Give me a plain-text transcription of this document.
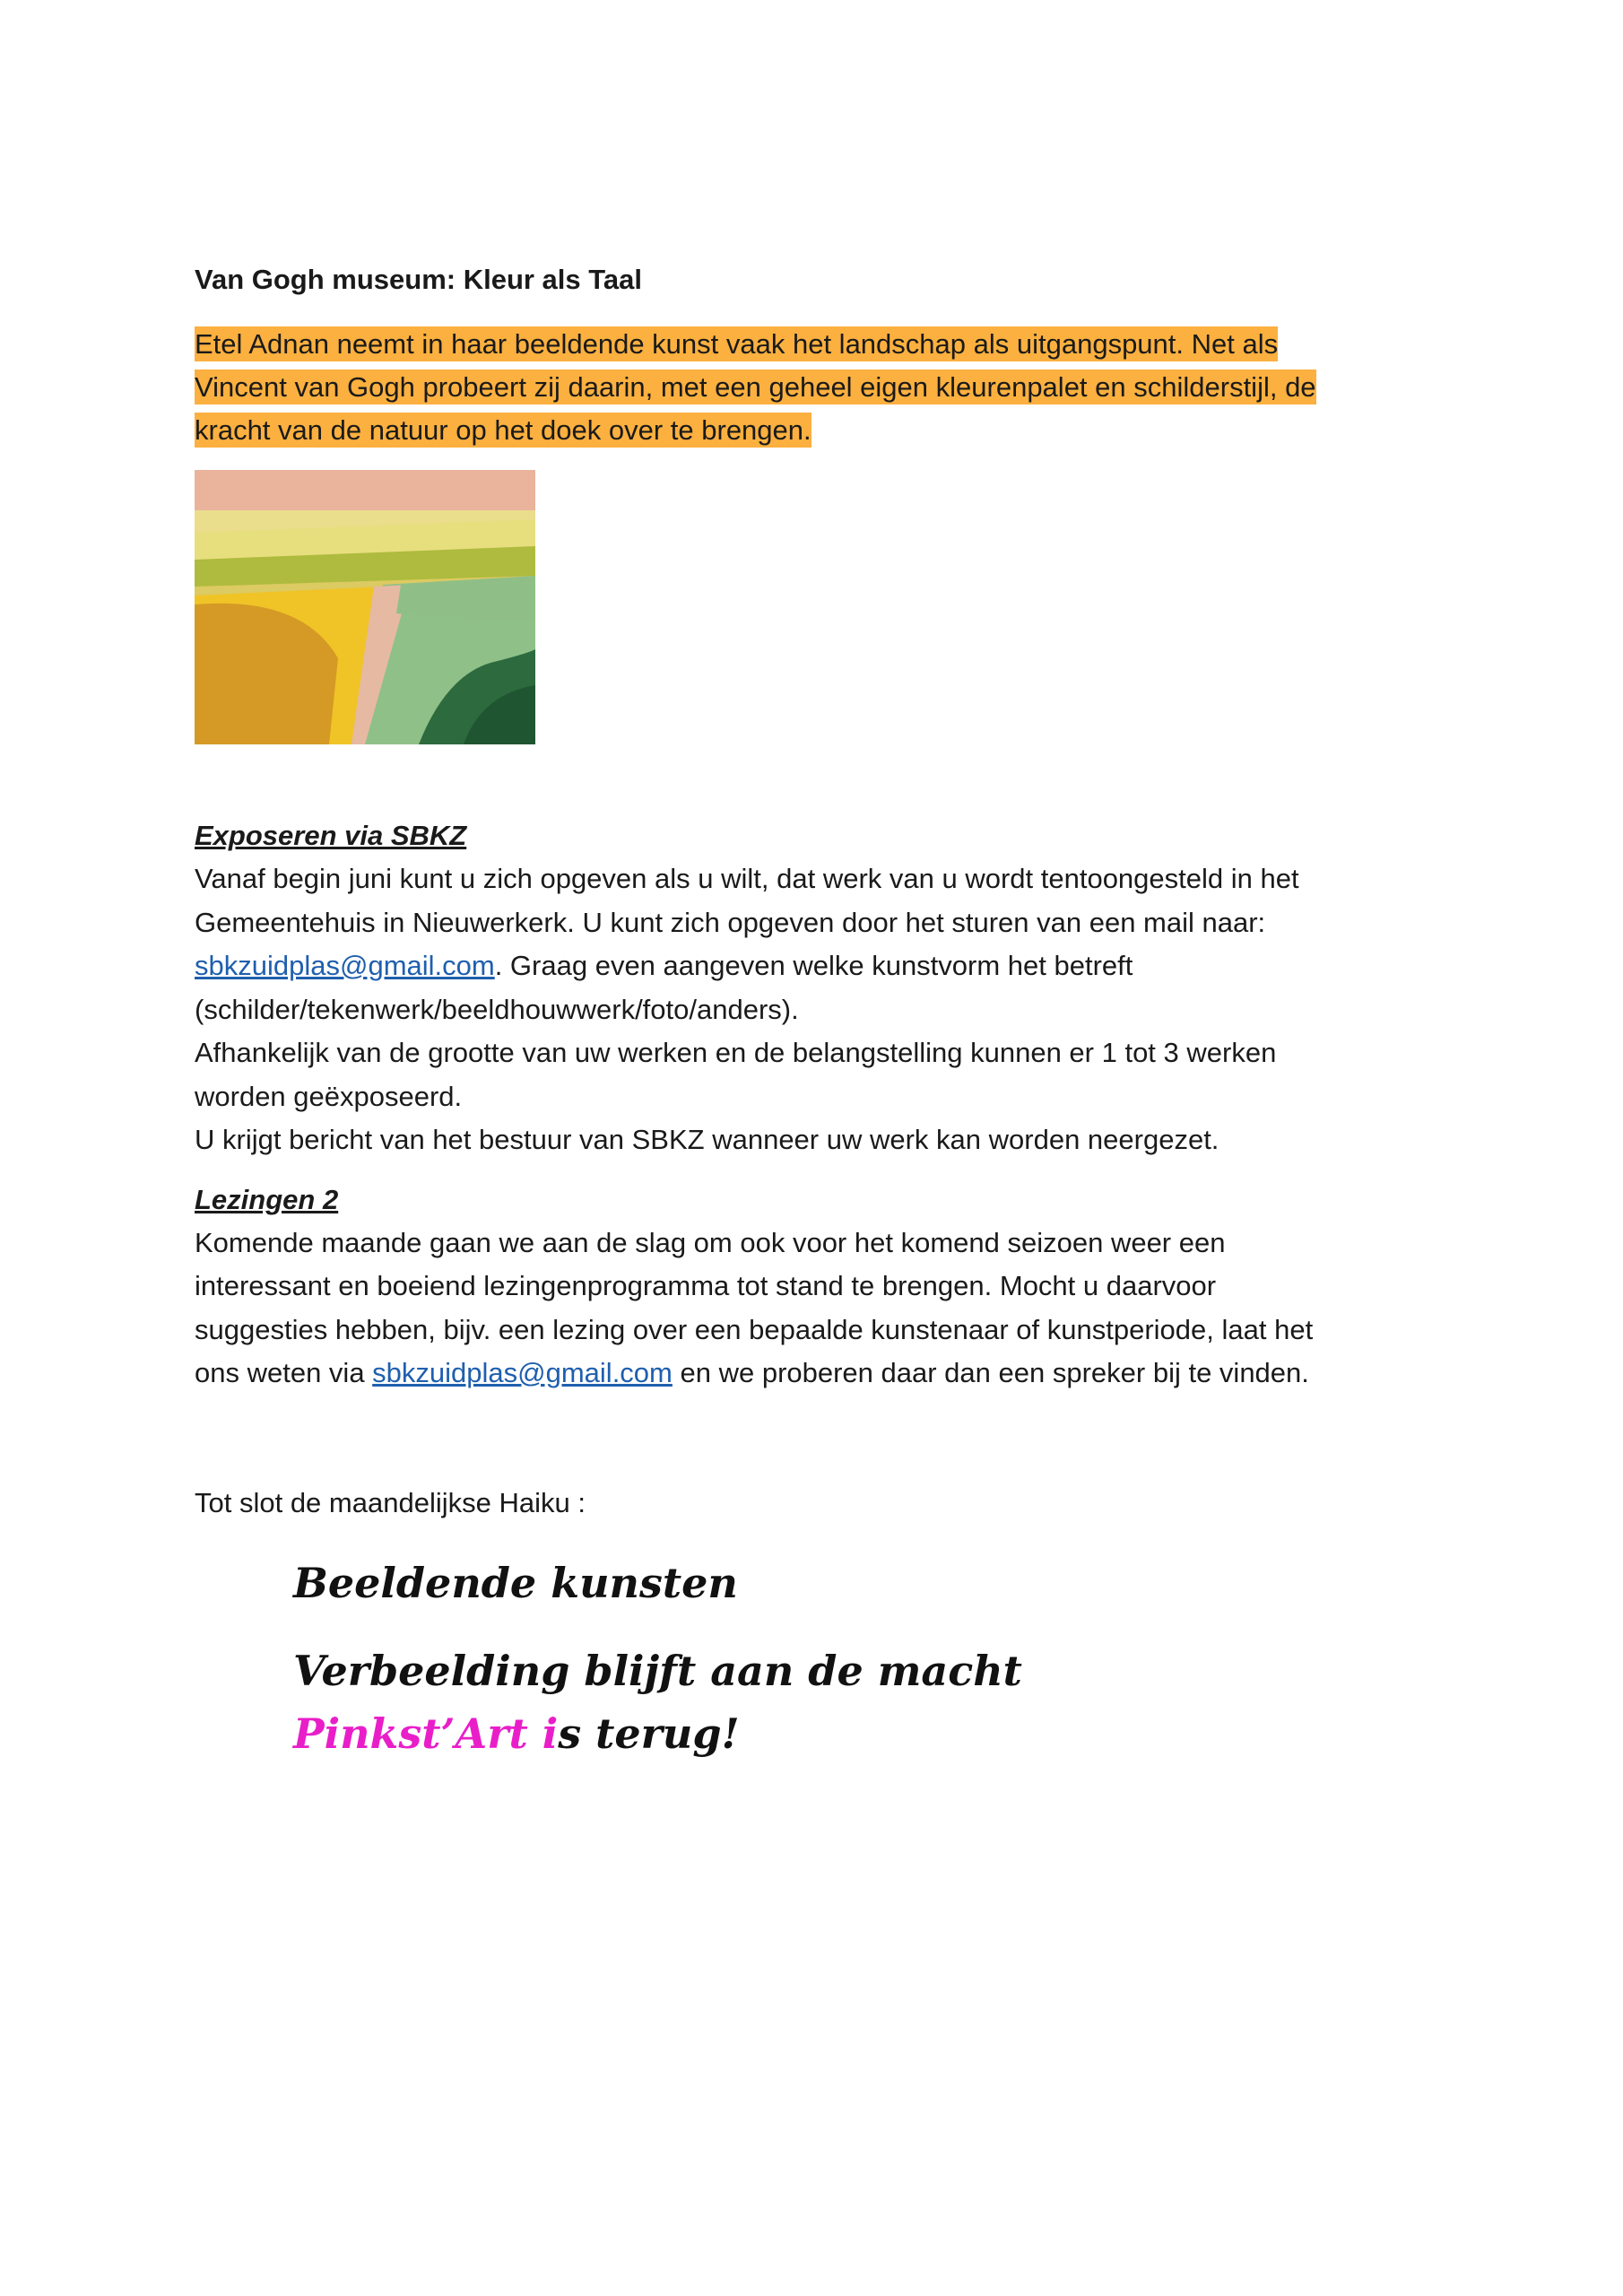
Van Gogh museum: Kleur als Taal

Etel Adnan neemt in haar beeldende kunst vaak het landschap als uitgangspunt. Net als
Vincent van Gogh probeert zij daarin, met een geheel eigen kleurenpalet en schilderstijl, de
kracht van de natuur op het doek over te brengen.

Exposeren via SBKZ

Vanaf begin juni kunt u zich opgeven als u wilt, dat werk van u wordt tentoongesteld in het
Gemeentehuis in Nieuwerkerk. U kunt zich opgeven door het sturen van een mail naar:
sbkzuidplas@gmail.com. Graag even aangeven welke kunstvorm het betreft
(schilder/tekenwerk/beeldhouwwerk/foto/anders).
Afhankelijk van de grootte van uw werken en de belangstelling kunnen er 1 tot 3 werken
worden geëxposeerd.
U krijgt bericht van het bestuur van SBKZ wanneer uw werk kan worden neergezet.

Lezingen 2

Komende maande gaan we aan de slag om ook voor het komend seizoen weer een
interessant en boeiend lezingenprogramma tot stand te brengen. Mocht u daarvoor
suggesties hebben, bijv. een lezing over een bepaalde kunstenaar of kunstperiode, laat het
ons weten via sbkzuidplas@gmail.com en we proberen daar dan een spreker bij te vinden.

Tot slot de maandelijkse Haiku :
Beeldende kunsten
Verbeelding blijft aan de macht
Pinkst’Art is terug!
